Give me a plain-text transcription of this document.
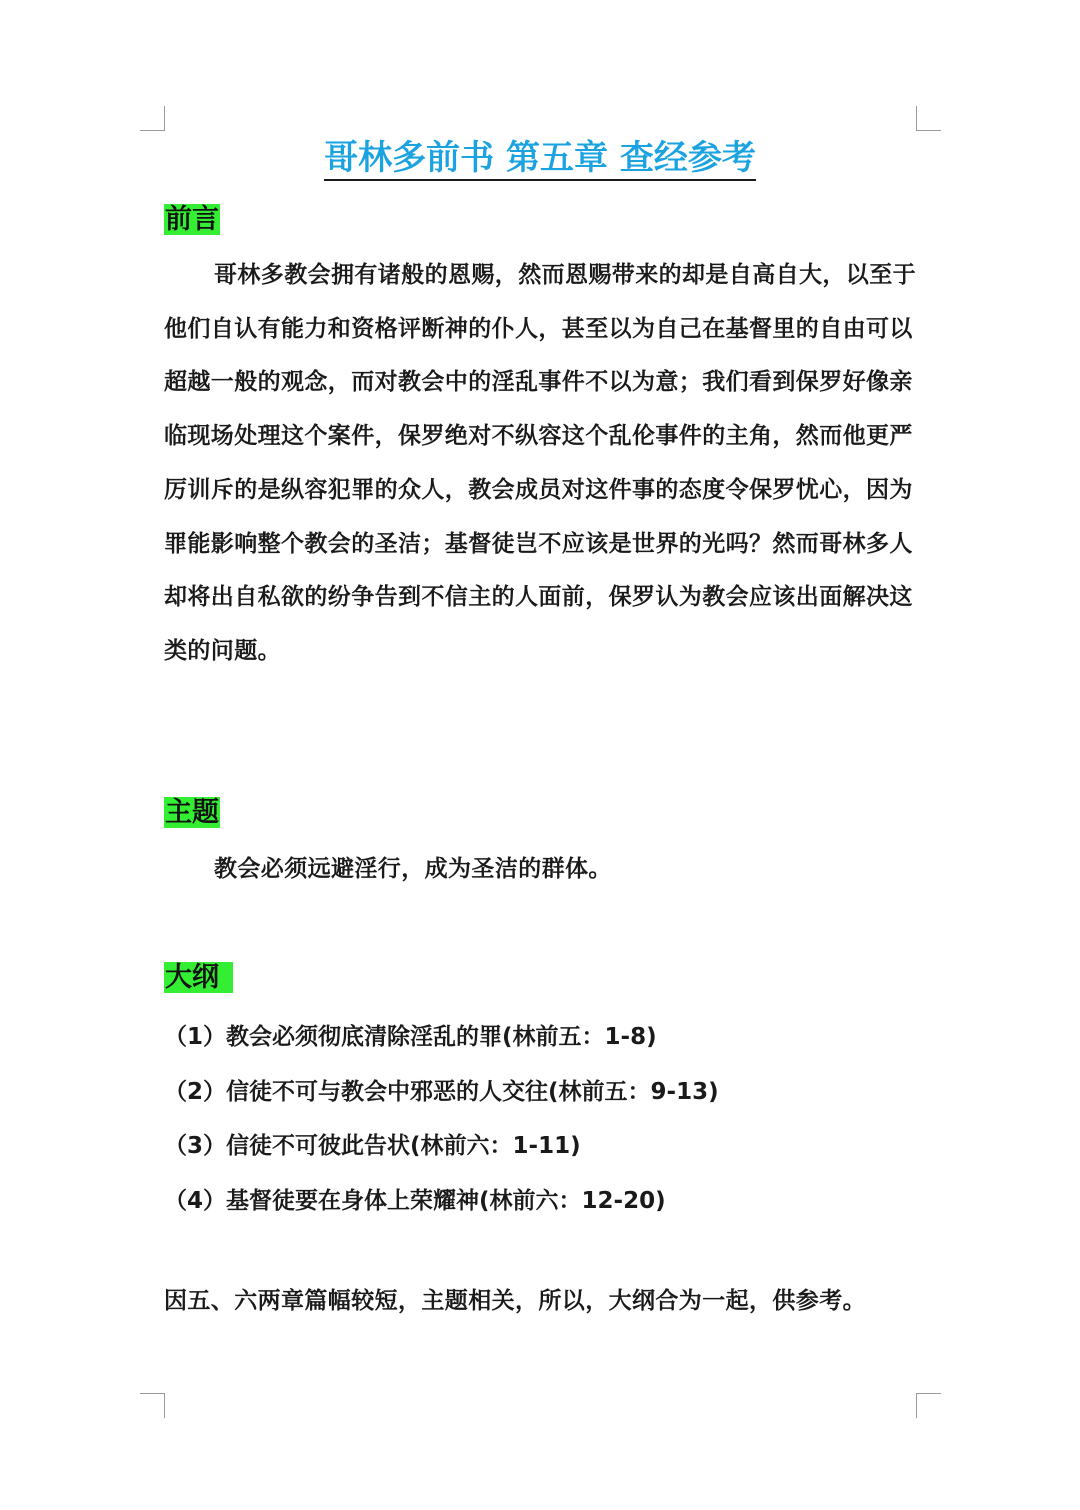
哥林多前书 第五章 查经参考
前言

哥林多教会拥有诸般的恩赐，然而恩赐带来的却是自高自大，以至于他们自认有能力和资格评断神的仆人，甚至以为自己在基督里的自由可以超越一般的观念，而对教会中的淫乱事件不以为意；我们看到保罗好像亲临现场处理这个案件，保罗绝对不纵容这个乱伦事件的主角，然而他更严厉训斥的是纵容犯罪的众人，教会成员对这件事的态度令保罗忧心，因为罪能影响整个教会的圣洁；基督徒岂不应该是世界的光吗？然而哥林多人却将出自私欲的纷争告到不信主的人面前，保罗认为教会应该出面解决这类的问题。

主题

教会必须远避淫行，成为圣洁的群体。

大纲
（1）教会必须彻底清除淫乱的罪(林前五：1-8)
（2）信徒不可与教会中邪恶的人交往(林前五：9-13)
（3）信徒不可彼此告状(林前六：1-11)
（4）基督徒要在身体上荣耀神(林前六：12-20)

因五、六两章篇幅较短，主题相关，所以，大纲合为一起，供参考。
